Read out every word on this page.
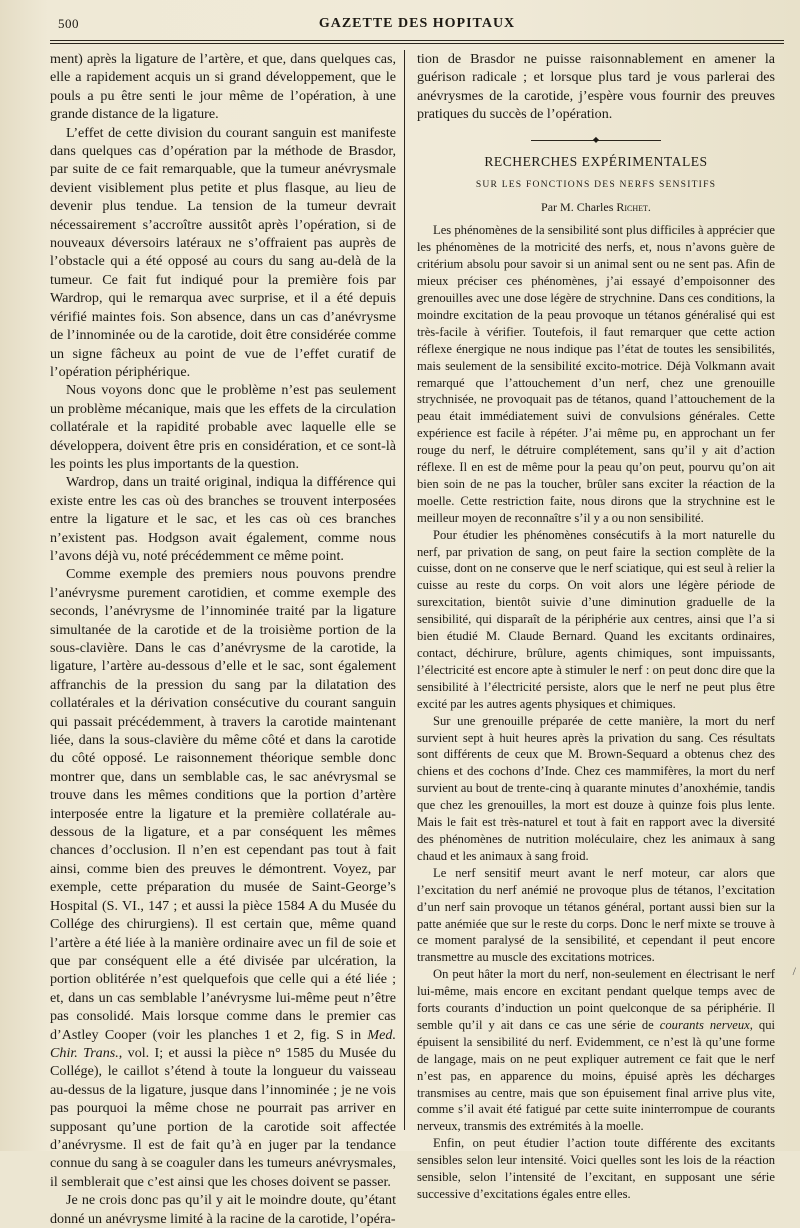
500	GAZETTE DES HOPITAUX

ment) après la ligature de l’artère, et que, dans quelques cas, elle a rapidement acquis un si grand développement, que le pouls a pu être senti le jour même de l’opération, à une grande distance de la ligature.

L’effet de cette division du courant sanguin est manifeste dans quelques cas d’opération par la méthode de Brasdor, par suite de ce fait remarquable, que la tumeur anévrysmale devient visiblement plus petite et plus flasque, au lieu de devenir plus tendue. La tension de la tumeur devrait nécessairement s’accroître aussitôt après l’opération, si de nouveaux déversoirs latéraux ne s’offraient pas auprès de l’obstacle qui a été opposé au cours du sang au-delà de la tumeur. Ce fait fut indiqué pour la première fois par Wardrop, qui le remarqua avec surprise, et il a été depuis vérifié maintes fois. Son absence, dans un cas d’anévrysme de l’innominée ou de la carotide, doit être considérée comme un signe fâcheux au point de vue de l’effet curatif de l’opération périphérique.

Nous voyons donc que le problème n’est pas seulement un problème mécanique, mais que les effets de la circulation collatérale et la rapidité probable avec laquelle elle se développera, doivent être pris en considération, et ce sont-là les points les plus importants de la question.

Wardrop, dans un traité original, indiqua la différence qui existe entre les cas où des branches se trouvent interposées entre la ligature et le sac, et les cas où ces branches n’existent pas. Hodgson avait également, comme nous l’avons déjà vu, noté précédemment ce même point.

Comme exemple des premiers nous pouvons prendre l’anévrysme purement carotidien, et comme exemple des seconds, l’anévrysme de l’innominée traité par la ligature simultanée de la carotide et de la troisième portion de la sous-clavière. Dans le cas d’anévrysme de la carotide, la ligature, l’artère au-dessous d’elle et le sac, sont également affranchis de la pression du sang par la dilatation des collatérales et la dérivation consécutive du courant sanguin qui passait précédemment, à travers la carotide maintenant liée, dans la sous-clavière du même côté et dans la carotide du côté opposé. Le raisonnement théorique semble donc montrer que, dans un semblable cas, le sac anévrysmal se trouve dans les mêmes conditions que la portion d’artère interposée entre la ligature et la première collatérale au-dessous de la ligature, et a par conséquent les mêmes chances d’occlusion. Il n’en est cependant pas tout à fait ainsi, comme bien des preuves le démontrent. Voyez, par exemple, cette préparation du musée de Saint-George’s Hospital (S. VI., 147 ; et aussi la pièce 1584 A du Musée du Collége des chirurgiens). Il est certain que, même quand l’artère a été liée à la manière ordinaire avec un fil de soie et que par conséquent elle a été divisée par ulcération, la portion oblitérée n’est quelquefois que celle qui a été liée ; et, dans un cas semblable l’anévrysme lui-même peut n’être pas consolidé. Mais lorsque comme dans le premier cas d’Astley Cooper (voir les planches 1 et 2, fig. S in Med. Chir. Trans., vol. I; et aussi la pièce n° 1585 du Musée du Collége), le caillot s’étend à toute la longueur du vaisseau au-dessus de la ligature, jusque dans l’innominée ; je ne vois pas pourquoi la même chose ne pourrait pas arriver en supposant qu’une portion de la carotide soit affectée d’anévrysme. Il est de fait qu’à en juger par la tendance connue du sang à se coaguler dans les tumeurs anévrysmales, il semblerait que c’est ainsi que les choses doivent se passer.

Je ne crois donc pas qu’il y ait le moindre doute, qu’étant donné un anévrysme limité à la racine de la carotide, l’opéra-

tion de Brasdor ne puisse raisonnablement en amener la guérison radicale ; et lorsque plus tard je vous parlerai des anévrysmes de la carotide, j’espère vous fournir des preuves pratiques du succès de l’opération.

◆
RECHERCHES EXPÉRIMENTALES
SUR LES FONCTIONS DES NERFS SENSITIFS
Par M. Charles Richet.

Les phénomènes de la sensibilité sont plus difficiles à apprécier que les phénomènes de la motricité des nerfs, et, nous n’avons guère de critérium absolu pour savoir si un animal sent ou ne sent pas. Afin de mieux préciser ces phénomènes, j’ai essayé d’empoisonner des grenouilles avec une dose légère de strychnine. Dans ces conditions, la moindre excitation de la peau provoque un tétanos généralisé qui est très-facile à vérifier. Toutefois, il faut remarquer que cette action réflexe énergique ne nous indique pas l’état de toutes les sensibilités, mais seulement de la sensibilité excito-motrice. Déjà Volkmann avait remarqué que l’attouchement d’un nerf, chez une grenouille strychnisée, ne provoquait pas de tétanos, quand l’attouchement de la peau était immédiatement suivi de convulsions générales. Cette expérience est facile à répéter. J’ai même pu, en approchant un fer rouge du nerf, le détruire complétement, sans qu’il y ait d’action réflexe. Il en est de même pour la peau qu’on peut, pourvu qu’on ait bien soin de ne pas la toucher, brûler sans exciter la réaction de la moelle. Cette restriction faite, nous dirons que la strychnine est le meilleur moyen de reconnaître s’il y a ou non sensibilité.

Pour étudier les phénomènes consécutifs à la mort naturelle du nerf, par privation de sang, on peut faire la section complète de la cuisse, dont on ne conserve que le nerf sciatique, qui est seul à relier la cuisse au reste du corps. On voit alors une légère période de surexcitation, bientôt suivie d’une diminution graduelle de la sensibilité, qui disparaît de la périphérie aux centres, ainsi que l’a si bien étudié M. Claude Bernard. Quand les excitants ordinaires, contact, déchirure, brûlure, agents chimiques, sont impuissants, l’électricité est encore apte à stimuler le nerf : on peut donc dire que la sensibilité à l’électricité persiste, alors que le nerf ne peut plus être excité par les autres agents physiques et chimiques.

Sur une grenouille préparée de cette manière, la mort du nerf survient sept à huit heures après la privation du sang. Ces résultats sont différents de ceux que M. Brown-Sequard a obtenus chez des chiens et des cochons d’Inde. Chez ces mammifères, la mort du nerf survient au bout de trente-cinq à quarante minutes d’anoxhémie, tandis que chez les grenouilles, la mort est douze à quinze fois plus lente. Mais le fait est très-naturel et tout à fait en rapport avec la diversité des phénomènes de nutrition moléculaire, chez les animaux à sang chaud et les animaux à sang froid.

Le nerf sensitif meurt avant le nerf moteur, car alors que l’excitation du nerf anémié ne provoque plus de tétanos, l’excitation d’un nerf sain provoque un tétanos général, portant aussi bien sur la patte anémiée que sur le reste du corps. Donc le nerf mixte se trouve à ce moment paralysé de la sensibilité, et cependant il peut encore transmettre au muscle des excitations motrices.

On peut hâter la mort du nerf, non-seulement en électrisant le nerf lui-même, mais encore en excitant pendant quelque temps avec de forts courants d’induction un point quelconque de sa périphérie. Il semble qu’il y ait dans ce cas une série de courants nerveux, qui épuisent la sensibilité du nerf. Evidemment, ce n’est là qu’une forme de langage, mais on ne peut expliquer autrement ce fait que le nerf n’est pas, en apparence du moins, épuisé après les décharges transmises au centre, mais que son épuisement final arrive plus vite, comme s’il avait été fatigué par cette suite ininterrompue de courants nerveux, transmis des extrémités à la moelle.

Enfin, on peut étudier l’action toute différente des excitants sensibles selon leur intensité. Voici quelles sont les lois de la réaction sensible, selon l’intensité de l’excitant, en supposant une série successive d’excitations égales entre elles.

/
